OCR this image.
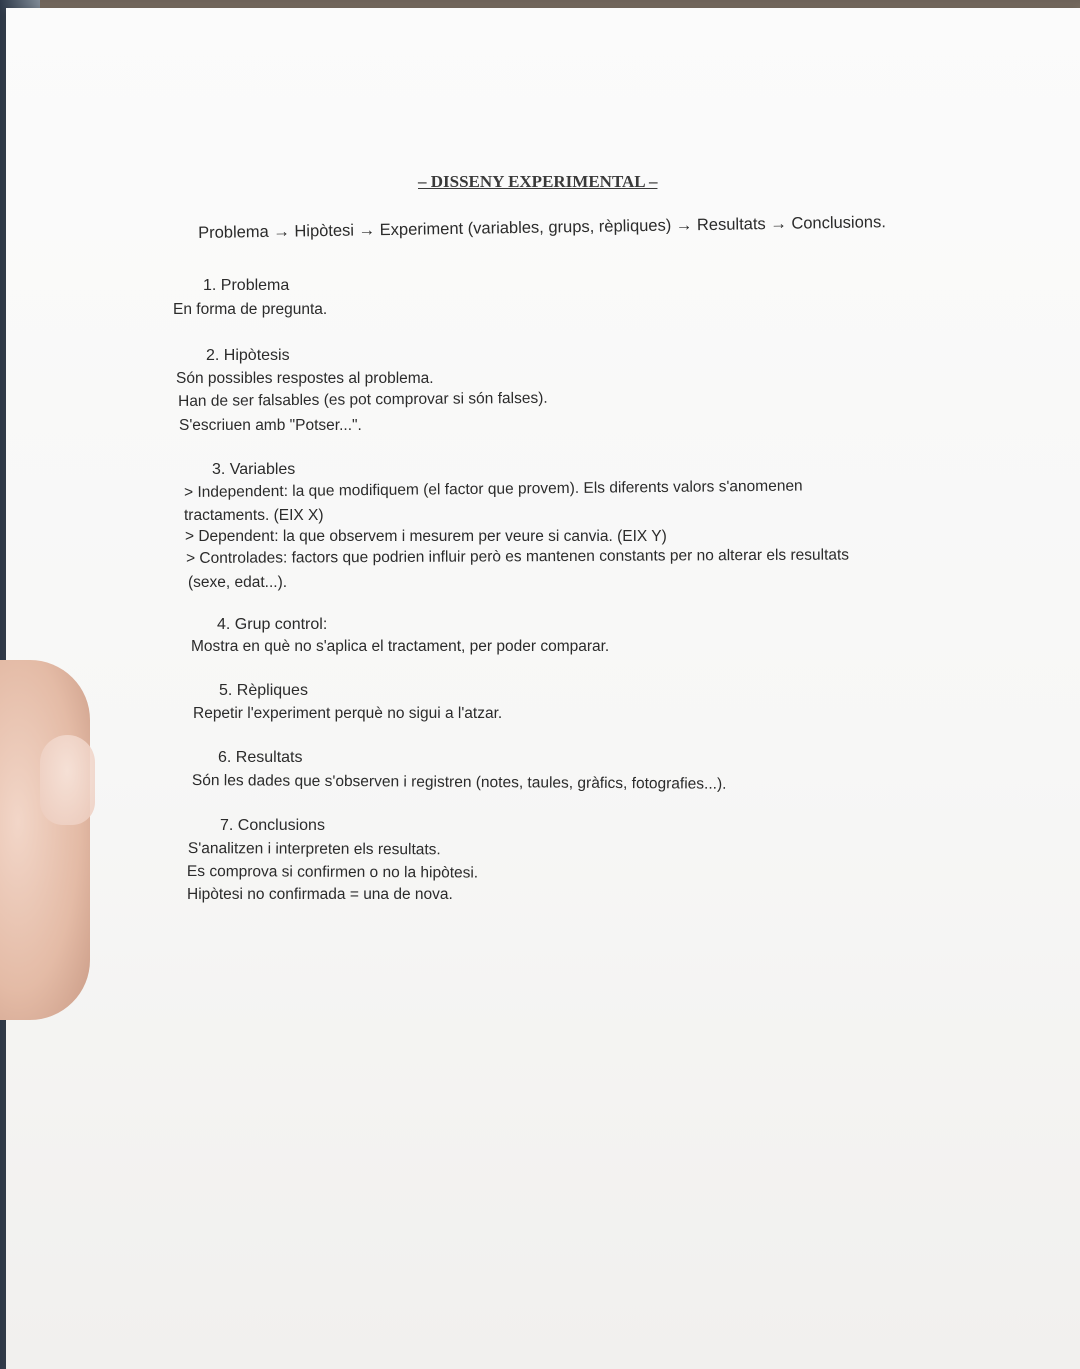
– DISSENY EXPERIMENTAL –
Problema → Hipòtesi → Experiment (variables, grups, rèpliques) → Resultats → Conclusions.
1. Problema
En forma de pregunta.
2. Hipòtesis
Són possibles respostes al problema.
Han de ser falsables (es pot comprovar si són falses).
S'escriuen amb "Potser...".
3. Variables
> Independent: la que modifiquem (el factor que provem). Els diferents valors s'anomenen
tractaments. (EIX X)
> Dependent: la que observem i mesurem per veure si canvia. (EIX Y)
> Controlades: factors que podrien influir però es mantenen constants per no alterar els resultats
(sexe, edat...).
4. Grup control:
Mostra en què no s'aplica el tractament, per poder comparar.
5. Rèpliques
Repetir l'experiment perquè no sigui a l'atzar.
6. Resultats
Són les dades que s'observen i registren (notes, taules, gràfics, fotografies...).
7. Conclusions
S'analitzen i interpreten els resultats.
Es comprova si confirmen o no la hipòtesi.
Hipòtesi no confirmada = una de nova.
